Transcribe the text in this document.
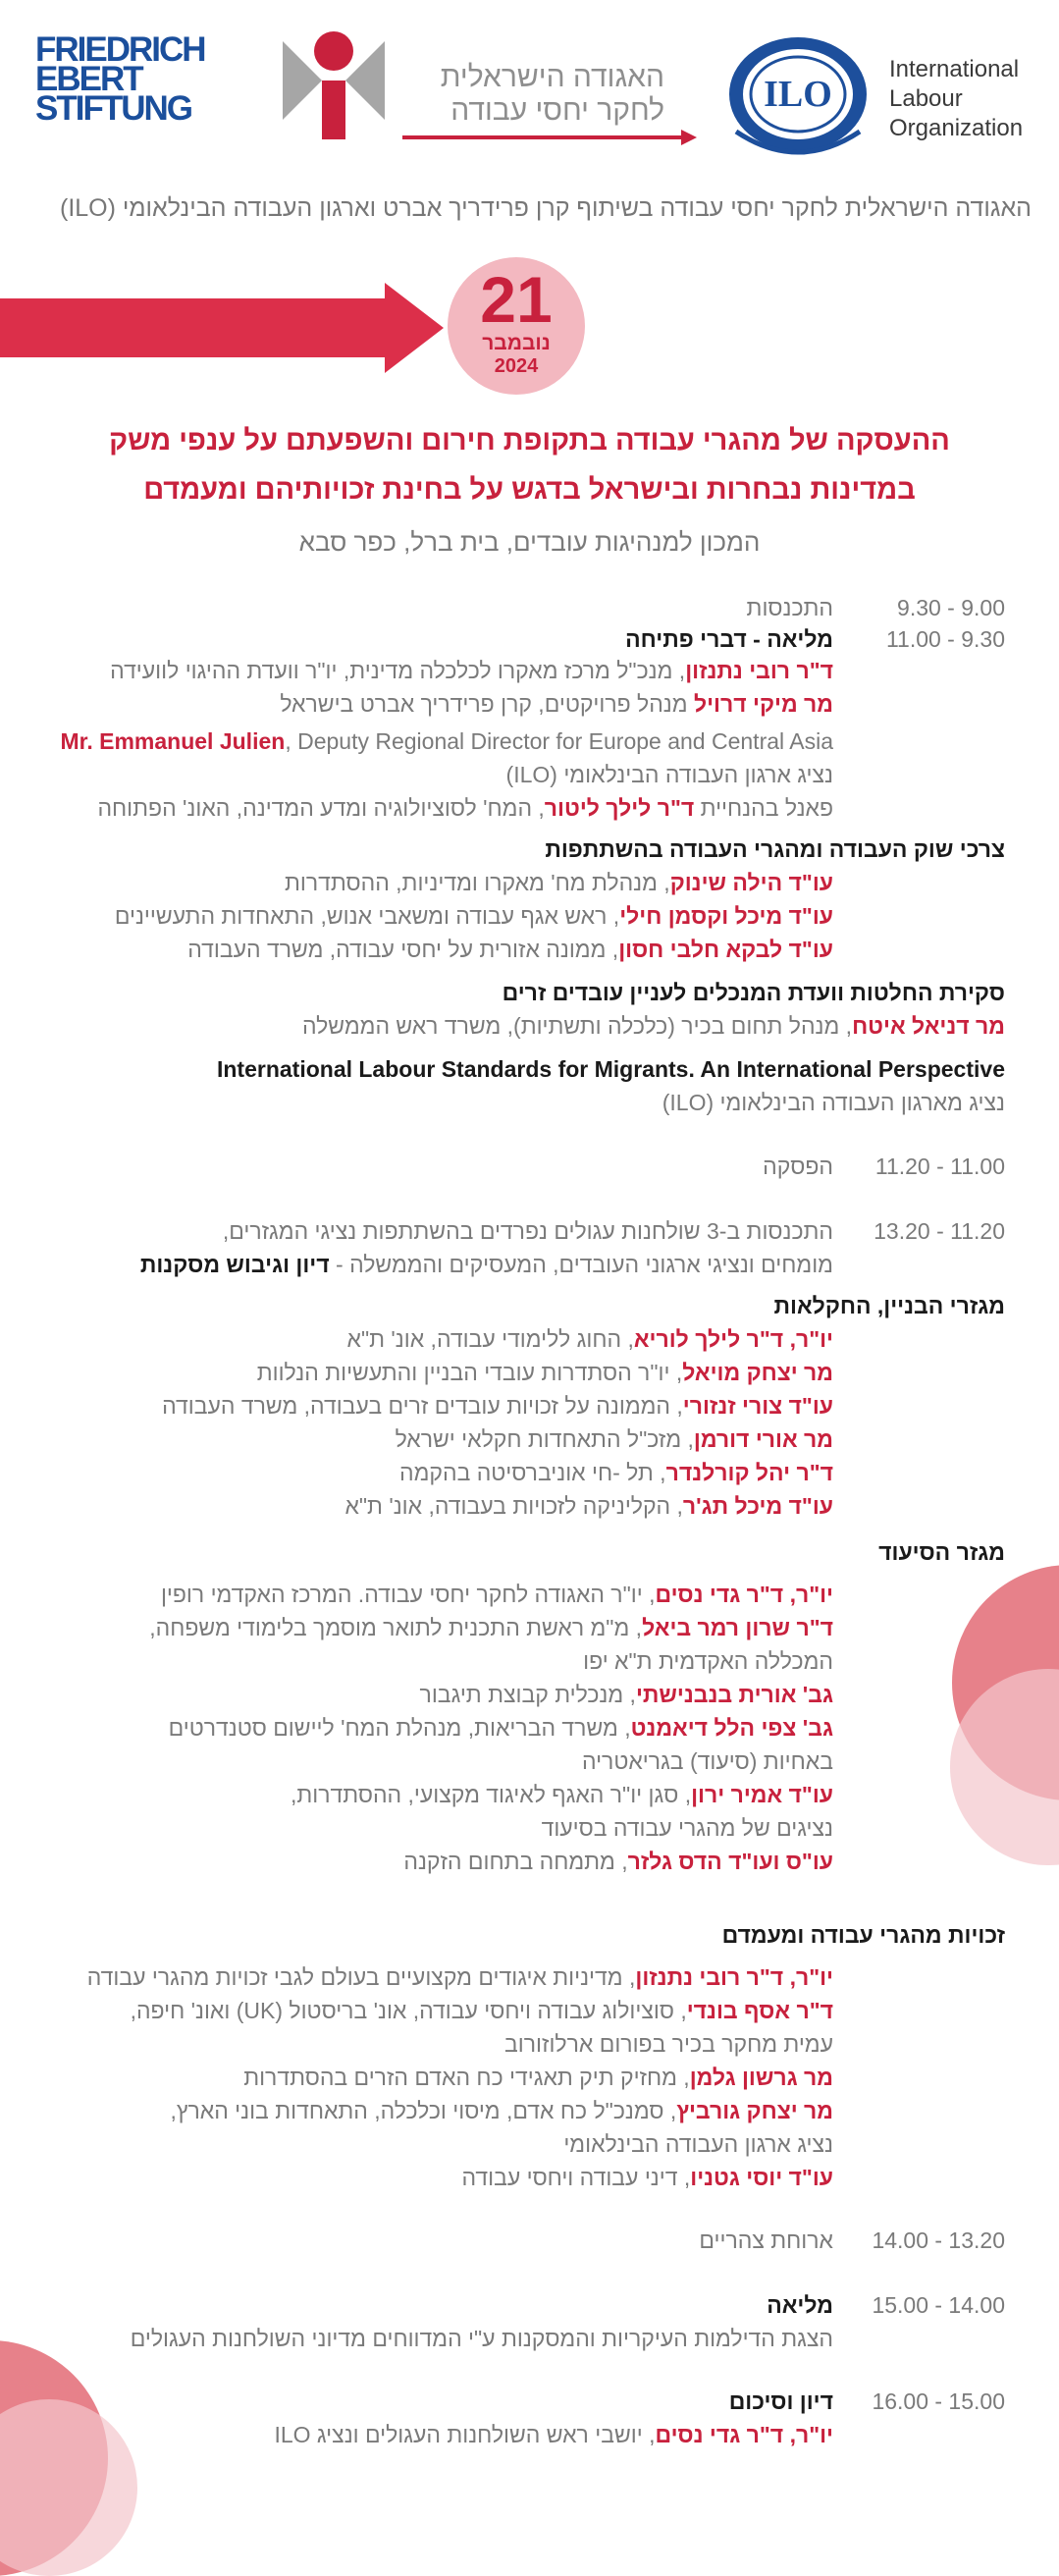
FRIEDRICH
EBERT
STIFTUNG
האגודה הישראלית
לחקר יחסי עבודה	ILO
International
Labour
Organization
האגודה הישראלית לחקר יחסי עבודה בשיתוף קרן פרידריך אברט וארגון העבודה הבינלאומי (ILO)
21
נובמבר
2024
ההעסקה של מהגרי עבודה בתקופת חירום והשפעתם על ענפי משק
במדינות נבחרות ובישראל בדגש על בחינת זכויותיהם ומעמדם
המכון למנהיגות עובדים, בית ברל, כפר סבא
9.30 - 9.00
התכנסות
11.00 - 9.30
מליאה - דברי פתיחה
ד"ר רובי נתנזון, מנכ"ל מרכז מאקרו לכלכלה מדינית, יו"ר וועדת ההיגוי לוועידה
מר מיקי דרויל מנהל פרויקטים, קרן פרידריך אברט בישראל
Mr. Emmanuel Julien, Deputy Regional Director for Europe and Central Asia
נציג ארגון העבודה הבינלאומי (ILO)
פאנל בהנחיית ד"ר לילך ליטור, המח' לסוציולוגיה ומדע המדינה, האונ' הפתוחה
צרכי שוק העבודה ומהגרי העבודה בהשתתפות
עו"ד הילה שינוק, מנהלת מח' מאקרו ומדיניות, ההסתדרות
עו"ד מיכל וקסמן חילי, ראש אגף עבודה ומשאבי אנוש, התאחדות התעשיינים
עו"ד לבקא חלבי חסון, ממונה אזורית על יחסי עבודה, משרד העבודה
סקירת החלטות וועדת המנכלים לעניין עובדים זרים
מר דניאל איטח, מנהל תחום בכיר (כלכלה ותשתיות), משרד ראש הממשלה
International Labour Standards for Migrants. An International Perspective
נציג מארגון העבודה הבינלאומי (ILO)
11.20 - 11.00
הפסקה
13.20 - 11.20
התכנסות ב-3 שולחנות עגולים נפרדים בהשתתפות נציגי המגזרים,
מומחים ונציגי ארגוני העובדים, המעסיקים והממשלה - דיון וגיבוש מסקנות
מגזרי הבניין, החקלאות
יו"ר, ד"ר לילך לוריא, החוג ללימודי עבודה, אונ' ת"א
מר יצחק מויאל, יו"ר הסתדרות עובדי הבניין והתעשיות הנלוות
עו"ד צורי זנזורי, הממונה על זכויות עובדים זרים בעבודה, משרד העבודה
מר אורי דורמן, מזכ"ל התאחדות חקלאי ישראל
ד"ר יהל קורלנדר, תל -חי אוניברסיטה בהקמה
עו"ד מיכל תג'ר, הקליניקה לזכויות בעבודה, אונ' ת"א
מגזר הסיעוד
יו"ר, ד"ר גדי נסים, יו"ר האגודה לחקר יחסי עבודה. המרכז האקדמי רופין
ד"ר שרון רמר ביאל, מ"מ ראשת התכנית לתואר מוסמך בלימודי משפחה,
המכללה האקדמית ת"א יפו
גב' אורית בנבנישתי, מנכלית קבוצת תיגבור
גב' צפי הלל דיאמנט, משרד הבריאות, מנהלת המח' ליישום סטנדרטים
באחיות (סיעוד) בגריאטריה
עו"ד אמיר ירון, סגן יו"ר האגף לאיגוד מקצועי, ההסתדרות,
נציגים של מהגרי עבודה בסיעוד
עו"ס ועו"ד הדס גלזר, מתמחה בתחום הזקנה
זכויות מהגרי עבודה ומעמדם
יו"ר, ד"ר רובי נתנזון, מדיניות איגודים מקצועיים בעולם לגבי זכויות מהגרי עבודה
ד"ר אסף בונדי, סוציולוג עבודה ויחסי עבודה, אונ' בריסטול (UK) ואונ' חיפה,
עמית מחקר בכיר בפורום ארלוזורוב
מר גרשון גלמן, מחזיק תיק תאגידי כח האדם הזרים בהסתדרות
מר יצחק גורביץ, סמנכ"ל כח אדם, מיסוי וכלכלה, התאחדות בוני הארץ,
נציג ארגון העבודה הבינלאומי
עו"ד יוסי גטניו, דיני עבודה ויחסי עבודה
14.00 - 13.20
ארוחת צהריים
15.00 - 14.00
מליאה
הצגת הדילמות העיקריות והמסקנות ע"י המדווחים מדיוני השולחנות העגולים
16.00 - 15.00
דיון וסיכום
יו"ר, ד"ר גדי נסים, יושבי ראש השולחנות העגולים ונציג ILO
